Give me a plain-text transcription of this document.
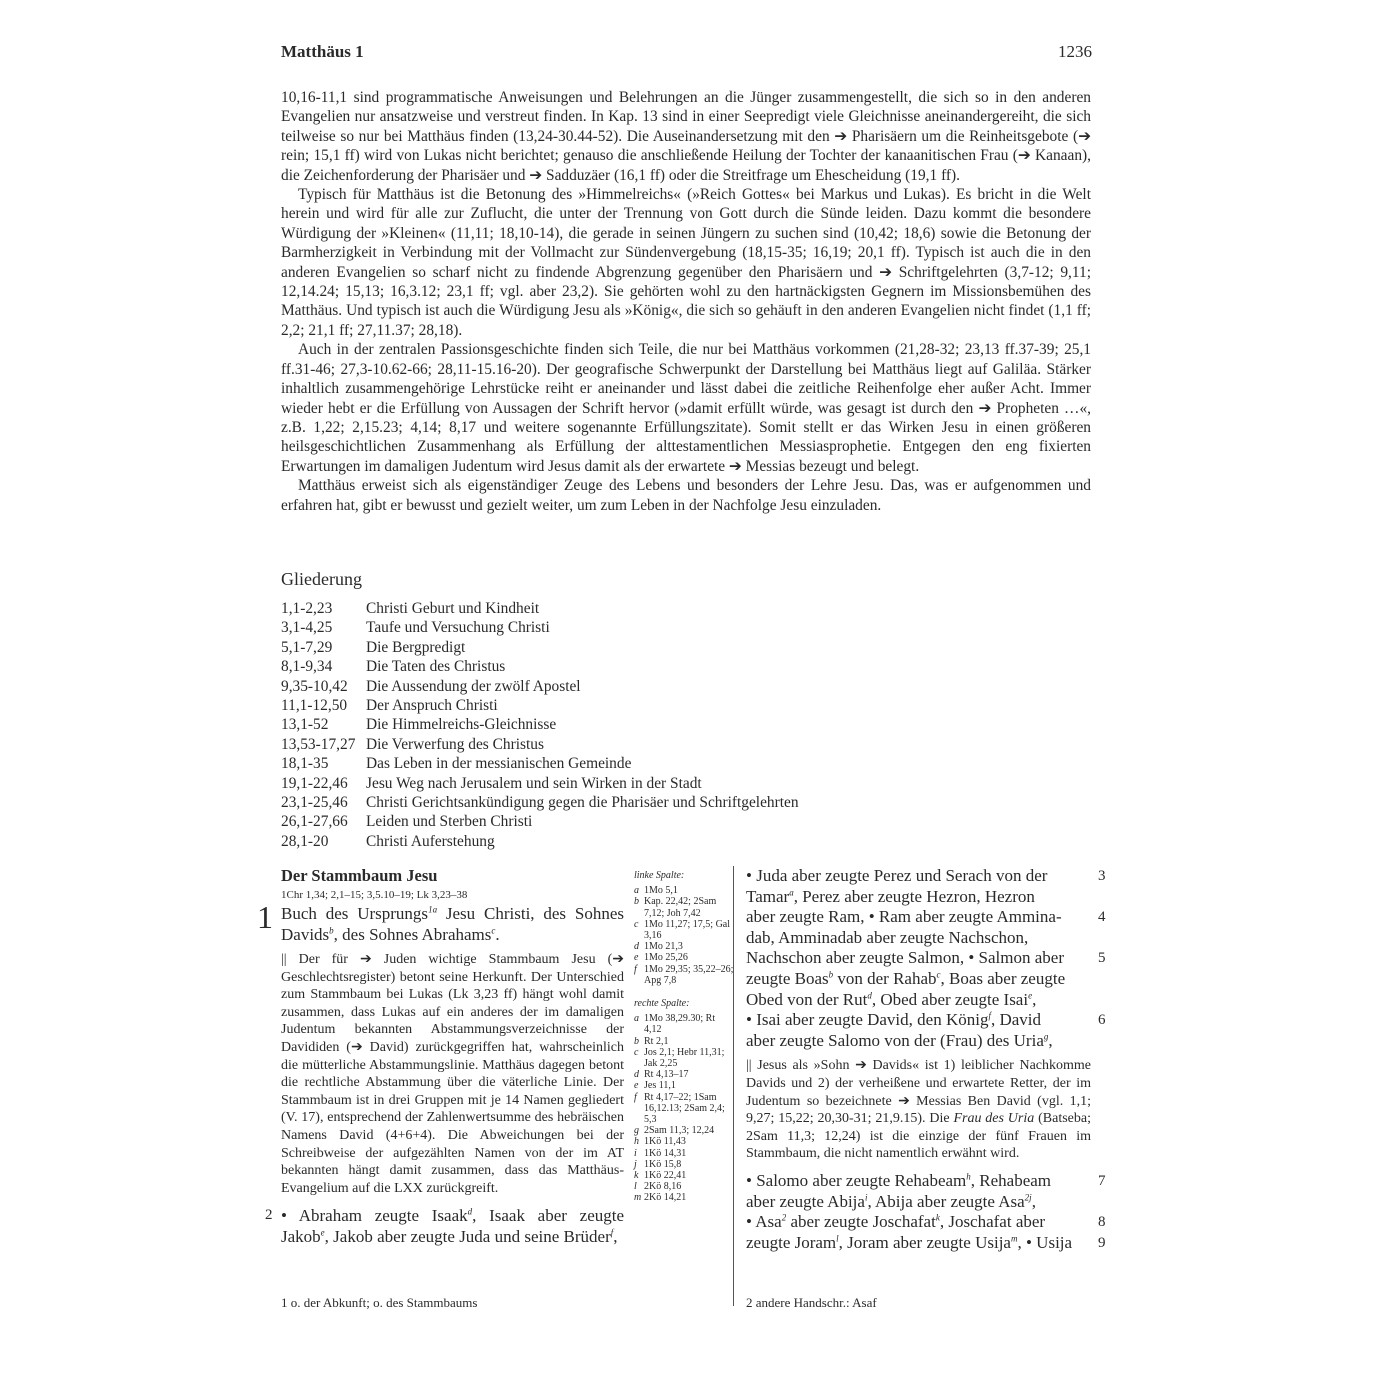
Matthäus 1	1236

10,16-11,1 sind programmatische Anweisungen und Belehrungen an die Jünger zusammengestellt, die sich so in den anderen Evangelien nur ansatzweise und verstreut finden. In Kap. 13 sind in einer Seepredigt viele Gleichnisse aneinandergereiht, die sich teilweise so nur bei Matthäus finden (13,24-30.44-52). Die Auseinandersetzung mit den ➔ Pharisäern um die Reinheitsgebote (➔ rein; 15,1 ff) wird von Lukas nicht berichtet; genauso die anschließende Heilung der Tochter der kanaanitischen Frau (➔ Kanaan), die Zeichenforderung der Pharisäer und ➔ Sadduzäer (16,1 ff) oder die Streitfrage um Ehescheidung (19,1 ff).

Typisch für Matthäus ist die Betonung des »Himmelreichs« (»Reich Gottes« bei Markus und Lukas). Es bricht in die Welt herein und wird für alle zur Zuflucht, die unter der Trennung von Gott durch die Sünde leiden. Dazu kommt die besondere Würdigung der »Kleinen« (11,11; 18,10-14), die gerade in seinen Jüngern zu suchen sind (10,42; 18,6) sowie die Betonung der Barmherzigkeit in Verbindung mit der Vollmacht zur Sündenvergebung (18,15-35; 16,19; 20,1 ff). Typisch ist auch die in den anderen Evangelien so scharf nicht zu findende Abgrenzung gegenüber den Pharisäern und ➔ Schriftgelehrten (3,7-12; 9,11; 12,14.24; 15,13; 16,3.12; 23,1 ff; vgl. aber 23,2). Sie gehörten wohl zu den hartnäckigsten Gegnern im Missionsbemühen des Matthäus. Und typisch ist auch die Würdigung Jesu als »König«, die sich so gehäuft in den anderen Evangelien nicht findet (1,1 ff; 2,2; 21,1 ff; 27,11.37; 28,18).

Auch in der zentralen Passionsgeschichte finden sich Teile, die nur bei Matthäus vorkommen (21,28-32; 23,13 ff.37-39; 25,1 ff.31-46; 27,3-10.62-66; 28,11-15.16-20). Der geografische Schwerpunkt der Darstellung bei Matthäus liegt auf Galiläa. Stärker inhaltlich zusammengehörige Lehrstücke reiht er aneinander und lässt dabei die zeitliche Reihenfolge eher außer Acht. Immer wieder hebt er die Erfüllung von Aussagen der Schrift hervor (»damit erfüllt würde, was gesagt ist durch den ➔ Propheten …«, z.B. 1,22; 2,15.23; 4,14; 8,17 und weitere sogenannte Erfüllungszitate). Somit stellt er das Wirken Jesu in einen größeren heilsgeschichtlichen Zusammenhang als Erfüllung der alttestamentlichen Messiasprophetie. Entgegen den eng fixierten Erwartungen im damaligen Judentum wird Jesus damit als der erwartete ➔ Messias bezeugt und belegt.

Matthäus erweist sich als eigenständiger Zeuge des Lebens und besonders der Lehre Jesu. Das, was er aufgenommen und erfahren hat, gibt er bewusst und gezielt weiter, um zum Leben in der Nachfolge Jesu einzuladen.

Gliederung
1,1-2,23	Christi Geburt und Kindheit
3,1-4,25	Taufe und Versuchung Christi
5,1-7,29	Die Bergpredigt
8,1-9,34	Die Taten des Christus
9,35-10,42	Die Aussendung der zwölf Apostel
11,1-12,50	Der Anspruch Christi
13,1-52	Die Himmelreichs-Gleichnisse
13,53-17,27 Die Verwerfung des Christus
18,1-35	Das Leben in der messianischen Gemeinde
19,1-22,46	Jesu Weg nach Jerusalem und sein Wirken in der Stadt
23,1-25,46	Christi Gerichtsankündigung gegen die Pharisäer und Schriftgelehrten
26,1-27,66	Leiden und Sterben Christi
28,1-20	Christi Auferstehung
Der Stammbaum Jesu
1Chr 1,34; 2,1–15; 3,5.10–19; Lk 3,23–38
1 Buch des Ursprungs$^{1a}$ Jesu Christi, des Sohnes Davids$^b$, des Sohnes Abrahams$^c$.
|| Der für ➔ Juden wichtige Stammbaum Jesu (➔ Geschlechtsregister) betont seine Herkunft. Der Unterschied zum Stammbaum bei Lukas (Lk 3,23 ff) hängt wohl damit zusammen, dass Lukas auf ein anderes der im damaligen Judentum bekannten Abstammungsverzeichnisse der Davididen (➔ David) zurückgegriffen hat, wahrscheinlich die mütterliche Abstammungslinie. Matthäus dagegen betont die rechtliche Abstammung über die väterliche Linie. Der Stammbaum ist in drei Gruppen mit je 14 Namen gegliedert (V. 17), entsprechend der Zahlenwertsumme des hebräischen Namens David (4+6+4). Die Abweichungen bei der Schreibweise der aufgezählten Namen von der im AT bekannten hängt damit zusammen, dass das Matthäus-Evangelium auf die LXX zurückgreift.
2 • Abraham zeugte Isaak$^d$, Isaak aber zeugte Jakob$^e$, Jakob aber zeugte Juda und seine Brüder$^f$,
1 o. der Abkunft; o. des Stammbaums
linke Spalte:
a 1Mo 5,1
b Kap. 22,42; 2Sam 7,12; Joh 7,42
c 1Mo 11,27; 17,5; Gal 3,16
d 1Mo 21,3
e 1Mo 25,26
f 1Mo 29,35; 35,22–26; Apg 7,8
rechte Spalte:
a 1Mo 38,29.30; Rt 4,12
b Rt 2,1
c Jos 2,1; Hebr 11,31; Jak 2,25
d Rt 4,13–17
e Jes 11,1
f Rt 4,17–22; 1Sam 16,12.13; 2Sam 2,4; 5,3
g 2Sam 11,3; 12,24
h 1Kö 11,43
i 1Kö 14,31
j 1Kö 15,8
k 1Kö 22,41
l 2Kö 8,16
m 2Kö 14,21
• Juda aber zeugte Perez und Serach von der	3
Tamar$^a$, Perez aber zeugte Hezron, Hezron
aber zeugte Ram, • Ram aber zeugte Ammina- 4
dab, Amminadab aber zeugte Nachschon,
Nachschon aber zeugte Salmon, • Salmon aber 5
zeugte Boas$^b$ von der Rahab$^c$, Boas aber zeugte
Obed von der Rut$^d$, Obed aber zeugte Isai$^e$,
• Isai aber zeugte David, den König$^f$, David	6
aber zeugte Salomo von der (Frau) des Uria$^g$,
|| Jesus als »Sohn ➔ Davids« ist 1) leiblicher Nachkomme Davids und 2) der verheißene und erwartete Retter, der im Judentum so bezeichnete ➔ Messias Ben David (vgl. 1,1; 9,27; 15,22; 20,30-31; 21,9.15). Die Frau des Uria (Batseba; 2Sam 11,3; 12,24) ist die einzige der fünf Frauen im Stammbaum, die nicht namentlich erwähnt wird.
• Salomo aber zeugte Rehabeam$^h$, Rehabeam	7
aber zeugte Abija$^i$, Abija aber zeugte Asa$^{2j}$,
• Asa$^2$ aber zeugte Joschafat$^k$, Joschafat aber	8
zeugte Joram$^l$, Joram aber zeugte Usija$^m$, • Usija 9
2 andere Handschr.: Asaf
